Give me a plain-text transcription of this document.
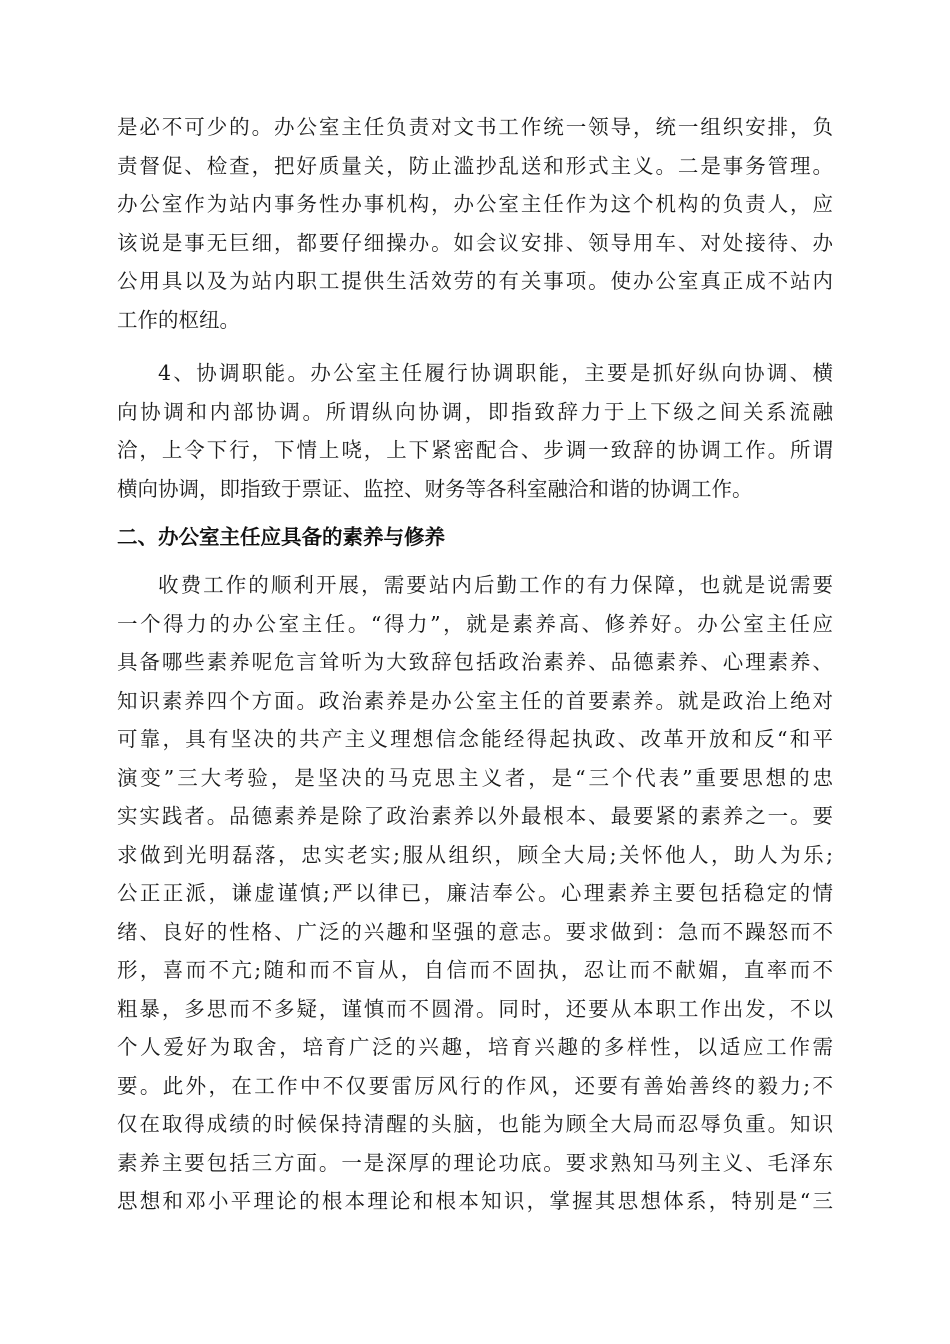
是必不可少的。办公室主任负责对文书工作统一领导，统一组织安排，负

责督促、检查，把好质量关，防止滥抄乱送和形式主义。二是事务管理。

办公室作为站内事务性办事机构，办公室主任作为这个机构的负责人，应

该说是事无巨细，都要仔细操办。如会议安排、领导用车、对处接待、办

公用具以及为站内职工提供生活效劳的有关事项。使办公室真正成不站内

工作的枢纽。

4、协调职能。办公室主任履行协调职能，主要是抓好纵向协调、横

向协调和内部协调。所谓纵向协调，即指致辞力于上下级之间关系流融

洽，上令下行，下情上哓，上下紧密配合、步调一致辞的协调工作。所谓

横向协调，即指致于票证、监控、财务等各科室融洽和谐的协调工作。

二、办公室主任应具备的素养与修养

收费工作的顺利开展，需要站内后勤工作的有力保障，也就是说需要

一个得力的办公室主任。“得力”，就是素养高、修养好。办公室主任应

具备哪些素养呢危言耸听为大致辞包括政治素养、品德素养、心理素养、

知识素养四个方面。政治素养是办公室主任的首要素养。就是政治上绝对

可靠，具有坚决的共产主义理想信念能经得起执政、改革开放和反“和平

演变”三大考验，是坚决的马克思主义者，是“三个代表”重要思想的忠

实实践者。品德素养是除了政治素养以外最根本、最要紧的素养之一。要

求做到光明磊落，忠实老实;服从组织，顾全大局;关怀他人，助人为乐;

公正正派，谦虚谨慎;严以律已，廉洁奉公。心理素养主要包括稳定的情

绪、良好的性格、广泛的兴趣和坚强的意志。要求做到：急而不躁怒而不

形，喜而不亢;随和而不盲从，自信而不固执，忍让而不献媚，直率而不

粗暴，多思而不多疑，谨慎而不圆滑。同时，还要从本职工作出发，不以

个人爱好为取舍，培育广泛的兴趣，培育兴趣的多样性，以适应工作需

要。此外，在工作中不仅要雷厉风行的作风，还要有善始善终的毅力;不

仅在取得成绩的时候保持清醒的头脑，也能为顾全大局而忍辱负重。知识

素养主要包括三方面。一是深厚的理论功底。要求熟知马列主义、毛泽东

思想和邓小平理论的根本理论和根本知识，掌握其思想体系，特别是“三
